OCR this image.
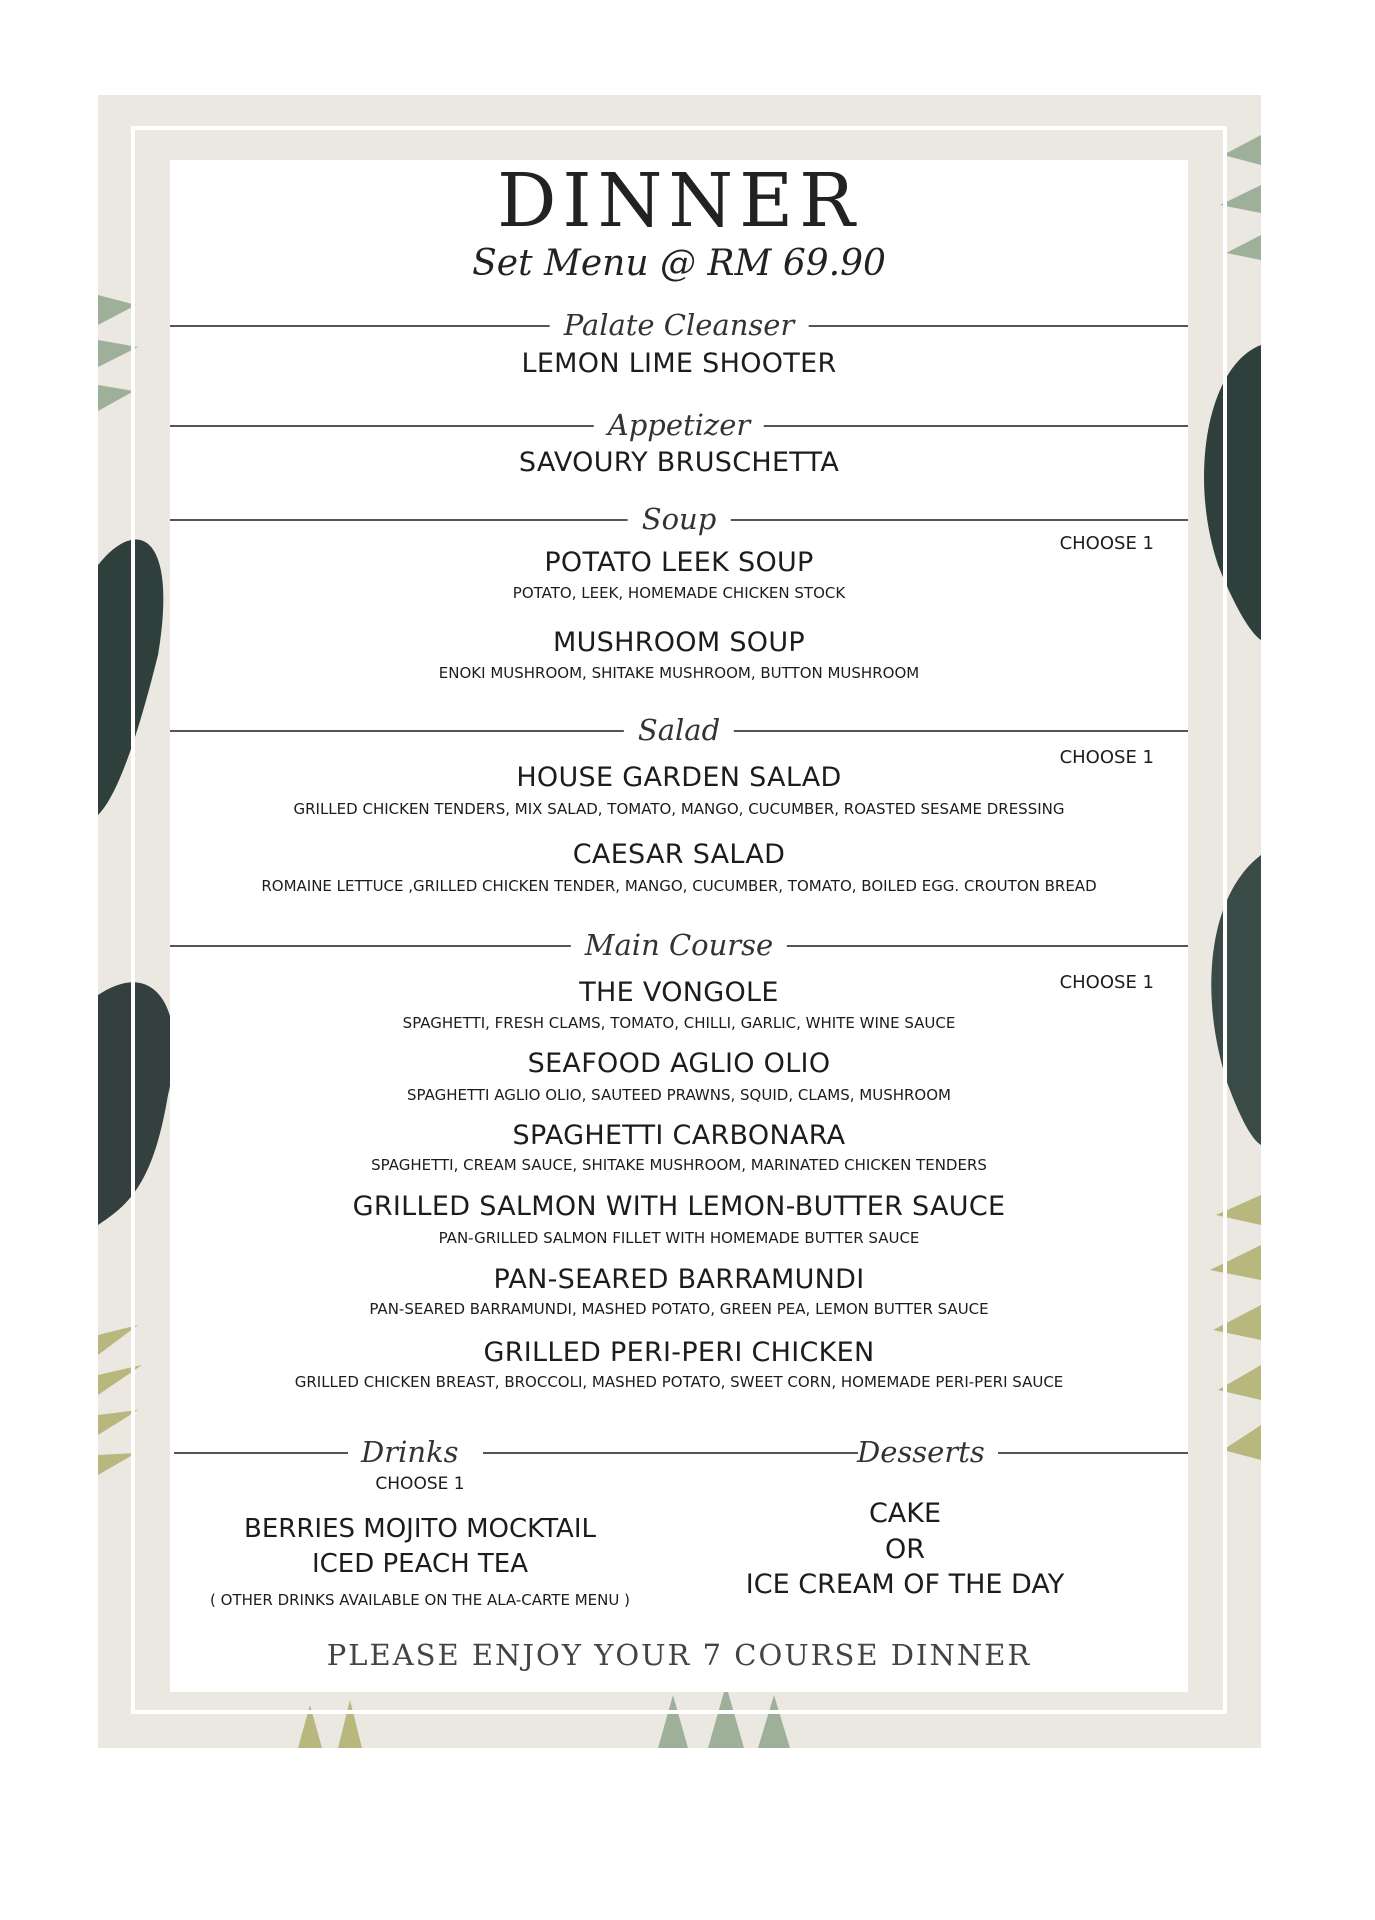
DINNER
Set Menu @ RM 69.90
Palate Cleanser
LEMON LIME SHOOTER
Appetizer
SAVOURY BRUSCHETTA
Soup
CHOOSE 1
POTATO LEEK SOUP
POTATO, LEEK, HOMEMADE CHICKEN STOCK
MUSHROOM SOUP
ENOKI MUSHROOM, SHITAKE MUSHROOM, BUTTON MUSHROOM
Salad
CHOOSE 1
HOUSE GARDEN SALAD
GRILLED CHICKEN TENDERS, MIX SALAD, TOMATO, MANGO, CUCUMBER, ROASTED SESAME DRESSING
CAESAR SALAD
ROMAINE LETTUCE ,GRILLED CHICKEN TENDER, MANGO, CUCUMBER, TOMATO, BOILED EGG. CROUTON BREAD
Main Course
CHOOSE 1
THE VONGOLE
SPAGHETTI, FRESH CLAMS, TOMATO, CHILLI, GARLIC, WHITE WINE SAUCE
SEAFOOD AGLIO OLIO
SPAGHETTI AGLIO OLIO, SAUTEED PRAWNS, SQUID, CLAMS, MUSHROOM
SPAGHETTI CARBONARA
SPAGHETTI, CREAM SAUCE, SHITAKE MUSHROOM, MARINATED CHICKEN TENDERS
GRILLED SALMON WITH LEMON-BUTTER SAUCE
PAN-GRILLED SALMON FILLET WITH HOMEMADE BUTTER SAUCE
PAN-SEARED BARRAMUNDI
PAN-SEARED BARRAMUNDI, MASHED POTATO, GREEN PEA, LEMON BUTTER SAUCE
GRILLED PERI-PERI CHICKEN
GRILLED CHICKEN BREAST, BROCCOLI, MASHED POTATO, SWEET CORN, HOMEMADE PERI-PERI SAUCE
Drinks	Desserts
CHOOSE 1
BERRIES MOJITO MOCKTAIL
ICED PEACH TEA
( OTHER DRINKS AVAILABLE ON THE ALA-CARTE MENU )
CAKE
OR
ICE CREAM OF THE DAY
PLEASE ENJOY YOUR 7 COURSE DINNER
